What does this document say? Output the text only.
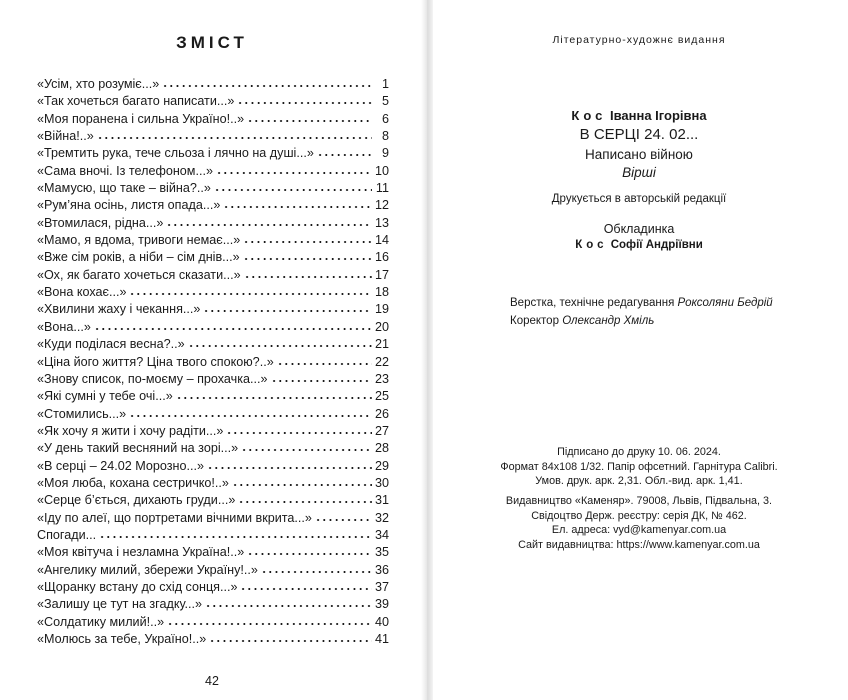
ЗМІСТ
«Усім, хто розуміє...»	1
«Так хочеться багато написати...»	5
«Моя поранена і сильна Україно!..»	6
«Війна!..»	8
«Тремтить рука, тече сльоза і лячно на душі...»	9
«Сама вночі. Із телефоном...»	10
«Мамусю, що таке – війна?..»	11
«Рум’яна осінь, листя опада...»	12
«Втомилася, рідна...»	13
«Мамо, я вдома, тривоги немає...»	14
«Вже сім років, а ніби – сім днів...»	16
«Ох, як багато хочеться сказати...»	17
«Вона кохає...»	18
«Хвилини жаху і чекання...»	19
«Вона...»	20
«Куди поділася весна?..»	21
«Ціна його життя? Ціна твого спокою?..»	22
«Знову список, по-моєму – прохачка...»	23
«Які сумні у тебе очі...»	25
«Стомились...»	26
«Як хочу я жити і хочу радіти...»	27
«У день такий весняний на зорі...»	28
«В серці – 24.02 Морозно...»	29
«Моя люба, кохана сестричко!..»	30
«Серце б’ється, дихають груди...»	31
«Іду по алеї, що портретами вічними вкрита...»	32
Спогади...	34
«Моя квітуча і незламна Україна!..»	35
«Ангелику милий, збережи Україну!..»	36
«Щоранку встану до схід сонця...»	37
«Залишу це тут на згадку...»	39
«Солдатику милий!..»	40
«Молюсь за тебе, Україно!..»	41
42
Літературно-художнє видання
Кос Іванна Ігорівна
В СЕРЦІ 24. 02...
Написано війною
Вірші
Друкується в авторській редакції
Обкладинка
Кос Софії Андріївни
Верстка, технічне редагування Роксоляни Бедрій
Коректор Олександр Хміль
Підписано до друку 10. 06. 2024.
Формат 84х108 1/32. Папір офсетний. Гарнітура Calibri.
Умов. друк. арк. 2,31. Обл.-вид. арк. 1,41.
Видавництво «Каменяр». 79008, Львів, Підвальна, 3.
Свідоцтво Держ. реєстру: серія ДК, № 462.
Ел. адреса: vyd@kamenyar.com.ua
Сайт видавництва: https://www.kamenyar.com.ua
